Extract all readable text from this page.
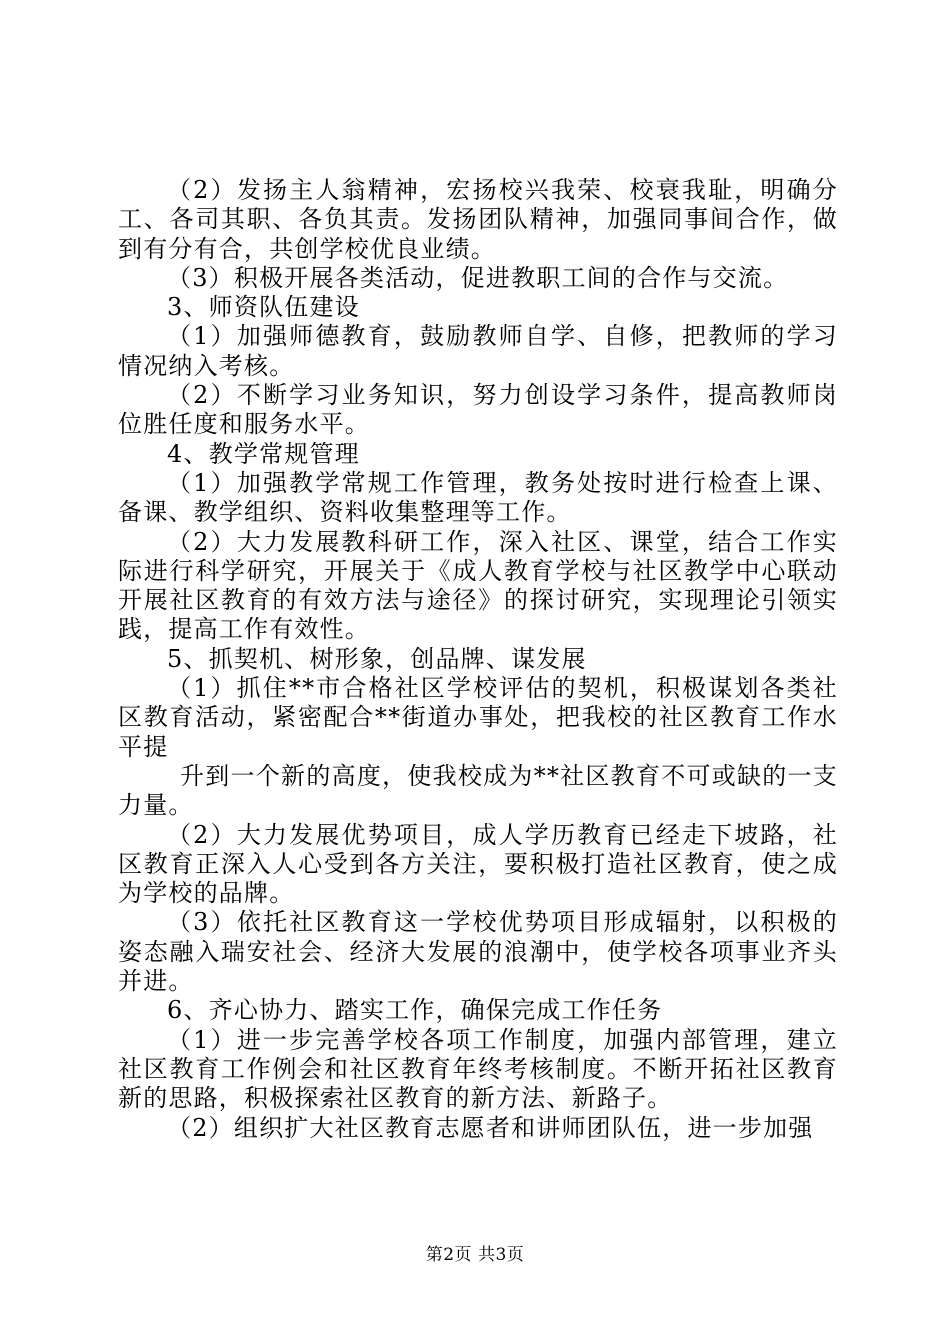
（2）发扬主人翁精神，宏扬校兴我荣、校衰我耻，明确分工、各司其职、各负其责。发扬团队精神，加强同事间合作，做到有分有合，共创学校优良业绩。

（3）积极开展各类活动，促进教职工间的合作与交流。

3、师资队伍建设

（1）加强师德教育，鼓励教师自学、自修，把教师的学习情况纳入考核。

（2）不断学习业务知识，努力创设学习条件，提高教师岗位胜任度和服务水平。

4、教学常规管理

（1）加强教学常规工作管理，教务处按时进行检查上课、备课、教学组织、资料收集整理等工作。

（2）大力发展教科研工作，深入社区、课堂，结合工作实际进行科学研究，开展关于《成人教育学校与社区教学中心联动开展社区教育的有效方法与途径》的探讨研究，实现理论引领实践，提高工作有效性。

5、抓契机、树形象，创品牌、谋发展

（1）抓住**市合格社区学校评估的契机，积极谋划各类社区教育活动，紧密配合**街道办事处，把我校的社区教育工作水平提

升到一个新的高度，使我校成为**社区教育不可或缺的一支力量。

（2）大力发展优势项目，成人学历教育已经走下坡路，社区教育正深入人心受到各方关注，要积极打造社区教育，使之成为学校的品牌。

（3）依托社区教育这一学校优势项目形成辐射，以积极的姿态融入瑞安社会、经济大发展的浪潮中，使学校各项事业齐头并进。

6、齐心协力、踏实工作，确保完成工作任务

（1）进一步完善学校各项工作制度，加强内部管理，建立社区教育工作例会和社区教育年终考核制度。不断开拓社区教育新的思路，积极探索社区教育的新方法、新路子。

（2）组织扩大社区教育志愿者和讲师团队伍，进一步加强

第2页 共3页
